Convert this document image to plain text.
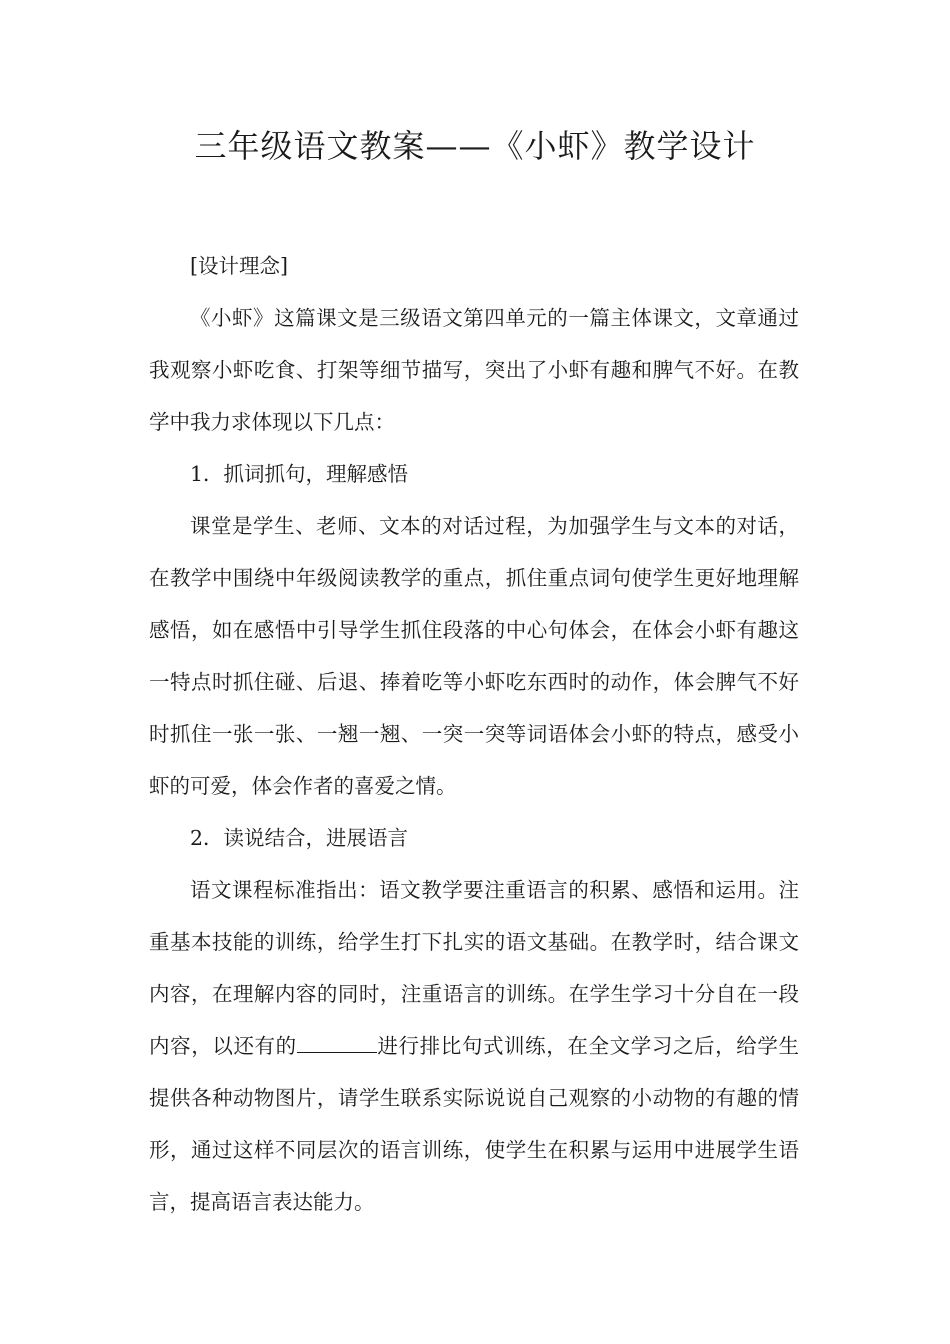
三年级语文教案——《小虾》教学设计

[设计理念]

《小虾》这篇课文是三级语文第四单元的一篇主体课文，文章通过我观察小虾吃食、打架等细节描写，突出了小虾有趣和脾气不好。在教学中我力求体现以下几点：

1．抓词抓句，理解感悟

课堂是学生、老师、文本的对话过程，为加强学生与文本的对话，在教学中围绕中年级阅读教学的重点，抓住重点词句使学生更好地理解感悟，如在感悟中引导学生抓住段落的中心句体会，在体会小虾有趣这一特点时抓住碰、后退、捧着吃等小虾吃东西时的动作，体会脾气不好时抓住一张一张、一翘一翘、一突一突等词语体会小虾的特点，感受小虾的可爱，体会作者的喜爱之情。

2．读说结合，进展语言

语文课程标准指出：语文教学要注重语言的积累、感悟和运用。注重基本技能的训练，给学生打下扎实的语文基础。在教学时，结合课文内容，在理解内容的同时，注重语言的训练。在学生学习十分自在一段内容，以还有的	进行排比句式训练，在全文学习之后，给学生提供各种动物图片，请学生联系实际说说自己观察的小动物的有趣的情形，通过这样不同层次的语言训练，使学生在积累与运用中进展学生语言，提高语言表达能力。
